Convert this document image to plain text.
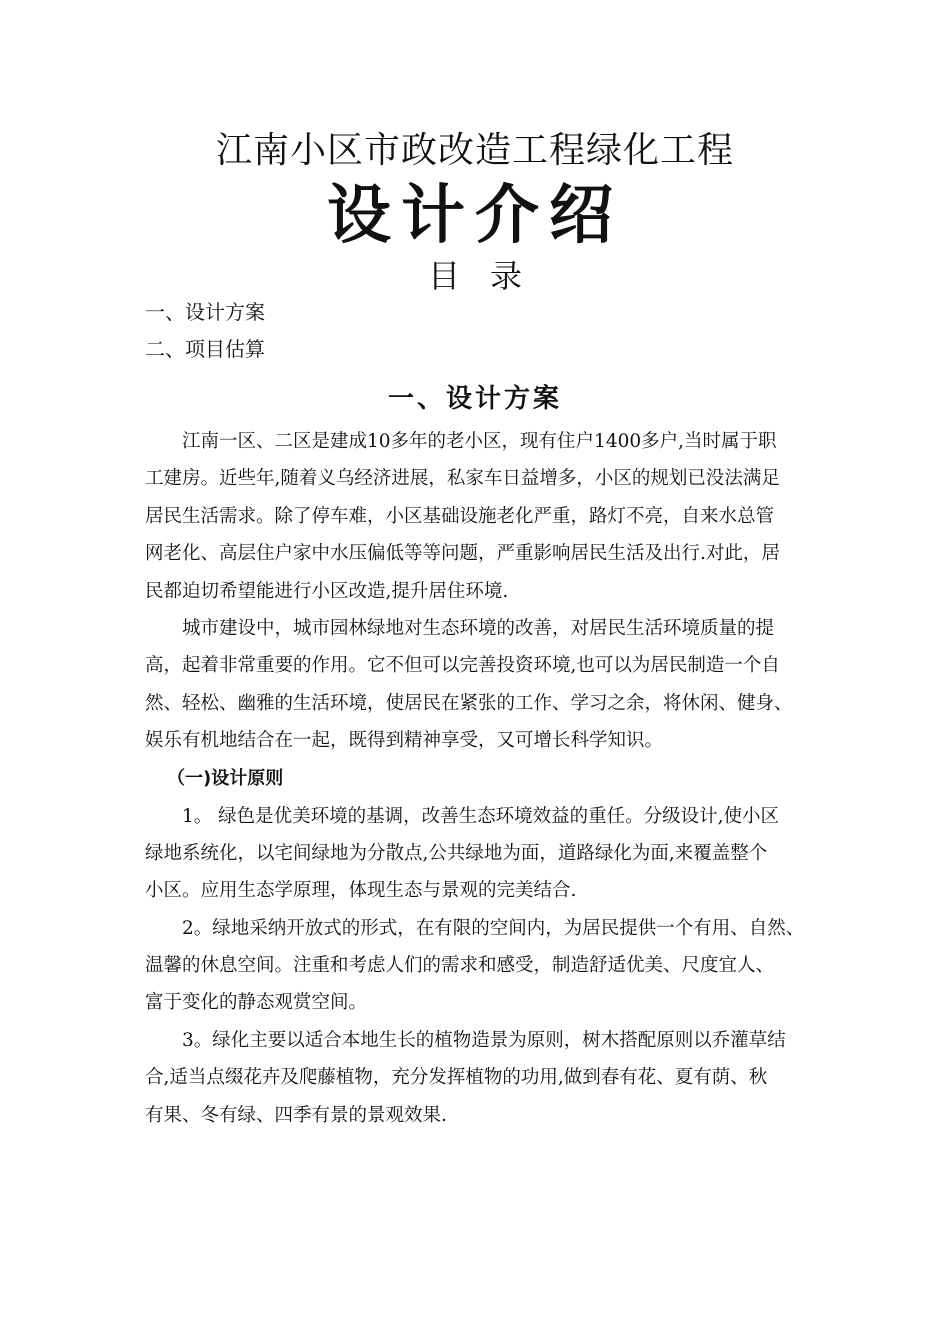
江南小区市政改造工程绿化工程
设计介绍
目录
一、设计方案
二、项目估算
一、设计方案
江南一区、二区是建成10多年的老小区，现有住户1400多户,当时属于职
工建房。近些年,随着义乌经济进展，私家车日益增多，小区的规划已没法满足
居民生活需求。除了停车难，小区基础设施老化严重，路灯不亮，自来水总管
网老化、高层住户家中水压偏低等等问题，严重影响居民生活及出行.对此，居
民都迫切希望能进行小区改造,提升居住环境.
城市建设中，城市园林绿地对生态环境的改善，对居民生活环境质量的提
高，起着非常重要的作用。它不但可以完善投资环境,也可以为居民制造一个自
然、轻松、幽雅的生活环境，使居民在紧张的工作、学习之余，将休闲、健身、
娱乐有机地结合在一起，既得到精神享受，又可增长科学知识。
（一)设计原则
1。 绿色是优美环境的基调，改善生态环境效益的重任。分级设计,使小区
绿地系统化，以宅间绿地为分散点,公共绿地为面，道路绿化为面,来覆盖整个
小区。应用生态学原理，体现生态与景观的完美结合.
2。绿地采纳开放式的形式，在有限的空间内，为居民提供一个有用、自然、
温馨的休息空间。注重和考虑人们的需求和感受，制造舒适优美、尺度宜人、
富于变化的静态观赏空间。
3。绿化主要以适合本地生长的植物造景为原则，树木搭配原则以乔灌草结
合,适当点缀花卉及爬藤植物，充分发挥植物的功用,做到春有花、夏有荫、秋
有果、冬有绿、四季有景的景观效果.
